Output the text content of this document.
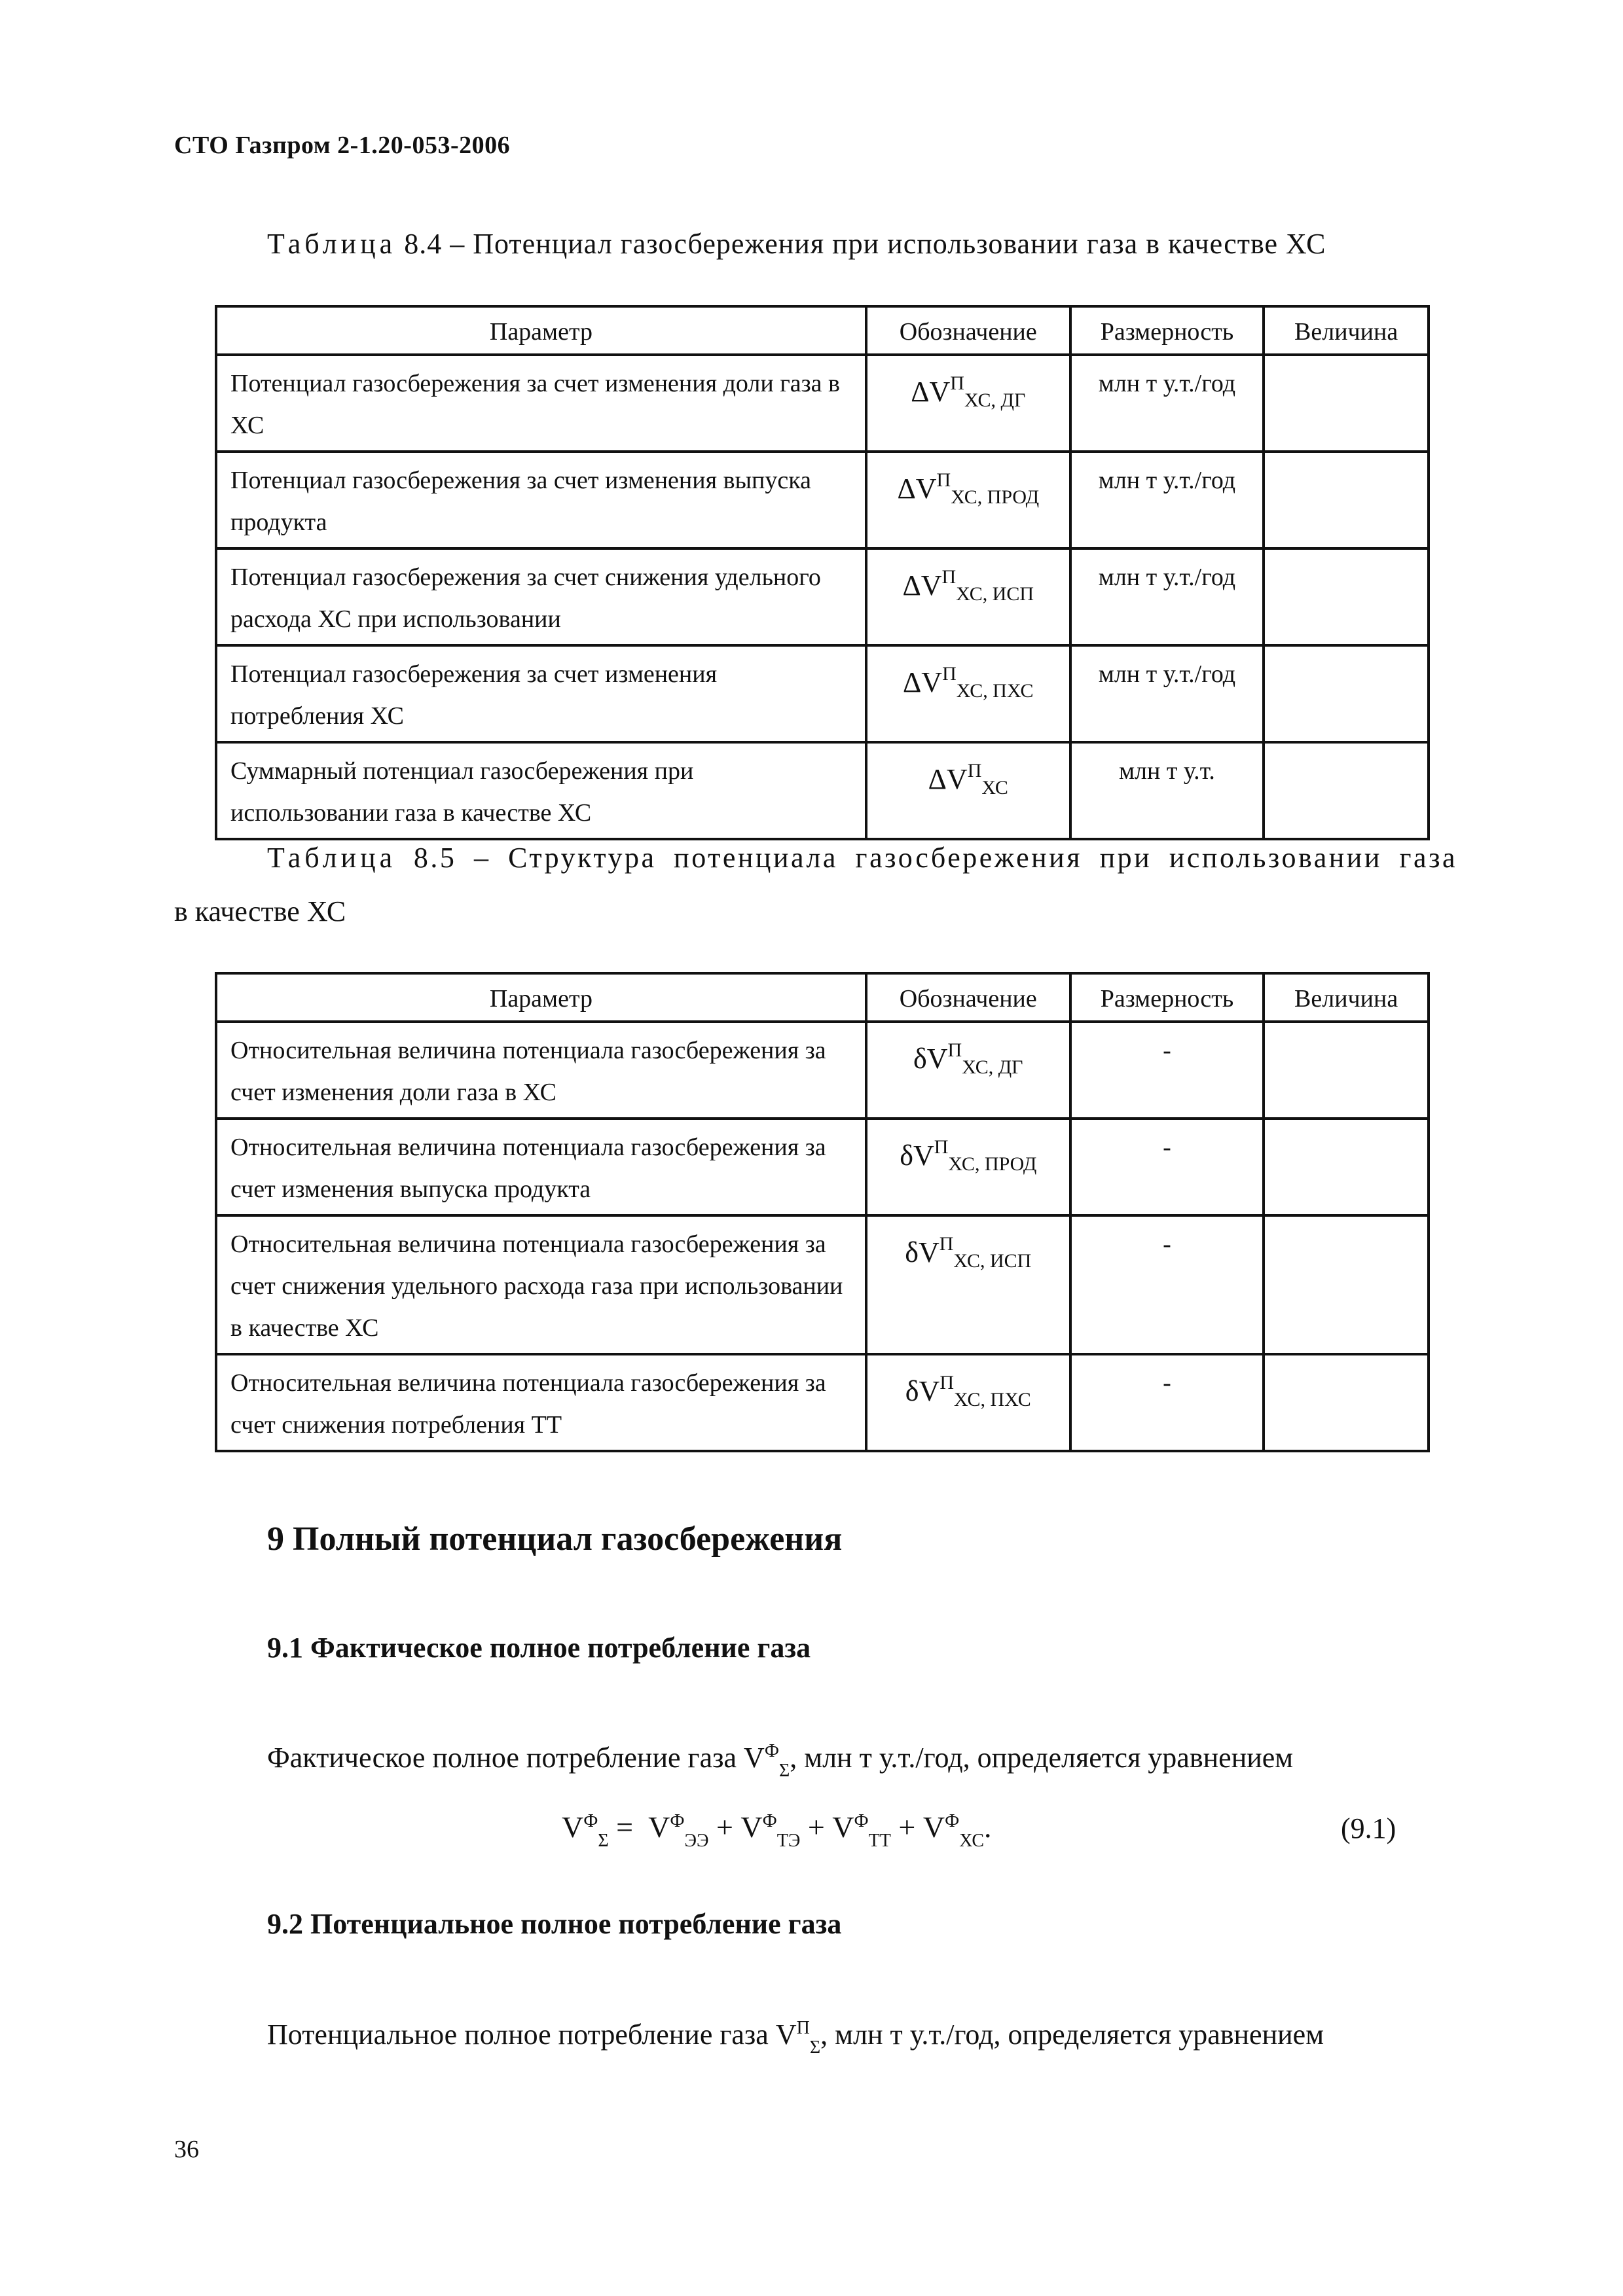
СТО Газпром 2-1.20-053-2006
Таблица 8.4 – Потенциал газосбережения при использовании газа в качестве ХС
Параметр	Обозначение	Размерность	Величина
Потенциал газосбережения за счет изменения доли газа в ХС	$\Delta V^П_{ХС, ДГ}$	млн т у.т./год	
Потенциал газосбережения за счет изменения выпуска продукта	$\Delta V^П_{ХС, ПРОД}$	млн т у.т./год	
Потенциал газосбережения за счет снижения удельного расхода ХС при использовании	$\Delta V^П_{ХС, ИСП}$	млн т у.т./год	
Потенциал газосбережения за счет изменения потребления ХС	$\Delta V^П_{ХС, ПХС}$	млн т у.т./год	
Суммарный потенциал газосбережения при использовании газа в качестве ХС	$\Delta V^П_{ХС}$	млн т у.т.	
Таблица 8.5 – Структура потенциала газосбережения при использовании газа
в качестве ХС
Параметр	Обозначение	Размерность	Величина
Относительная величина потенциала газосбережения за счет изменения доли газа в ХС	$\delta V^П_{ХС, ДГ}$	-	
Относительная величина потенциала газосбережения за счет изменения выпуска продукта	$\delta V^П_{ХС, ПРОД}$	-	
Относительная величина потенциала газосбережения за счет снижения удельного расхода газа при использовании в качестве ХС	$\delta V^П_{ХС, ИСП}$	-	
Относительная величина потенциала газосбережения за счет снижения потребления ТТ	$\delta V^П_{ХС, ПХС}$	-	
9 Полный потенциал газосбережения
9.1 Фактическое полное потребление газа
Фактическое полное потребление газа $V^Ф_\Sigma$, млн т у.т./год, определяется уравнением
$V^Ф_\Sigma = V^Ф_{ЭЭ} + V^Ф_{ТЭ} + V^Ф_{ТТ} + V^Ф_{ХС}$.	(9.1)
9.2 Потенциальное полное потребление газа
Потенциальное полное потребление газа $V^П_\Sigma$, млн т у.т./год, определяется уравнением
36
